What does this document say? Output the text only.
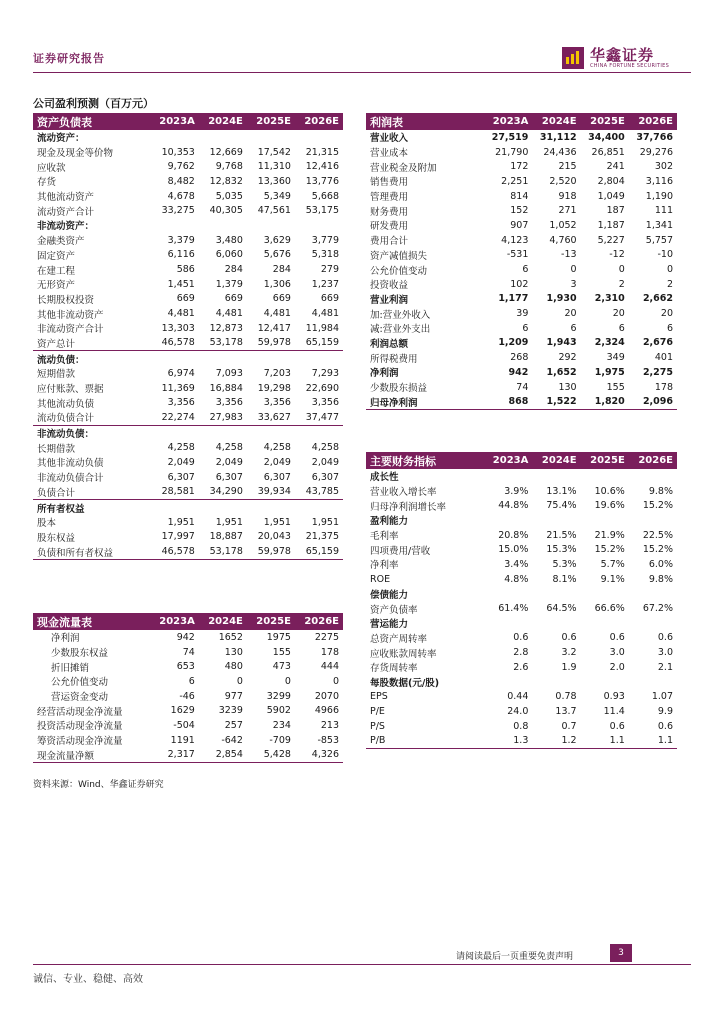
证券研究报告	华鑫证券
CHINA FORTUNE SECURITIES
公司盈利预测（百万元）
资产负债表	2023A	2024E	2025E	2026E
流动资产：				
现金及现金等价物	10,353	12,669	17,542	21,315
应收款	9,762	9,768	11,310	12,416
存货	8,482	12,832	13,360	13,776
其他流动资产	4,678	5,035	5,349	5,668
流动资产合计	33,275	40,305	47,561	53,175
非流动资产：				
金融类资产	3,379	3,480	3,629	3,779
固定资产	6,116	6,060	5,676	5,318
在建工程	586	284	284	279
无形资产	1,451	1,379	1,306	1,237
长期股权投资	669	669	669	669
其他非流动资产	4,481	4,481	4,481	4,481
非流动资产合计	13,303	12,873	12,417	11,984
资产总计	46,578	53,178	59,978	65,159
流动负债：				
短期借款	6,974	7,093	7,203	7,293
应付账款、票据	11,369	16,884	19,298	22,690
其他流动负债	3,356	3,356	3,356	3,356
流动负债合计	22,274	27,983	33,627	37,477
非流动负债：				
长期借款	4,258	4,258	4,258	4,258
其他非流动负债	2,049	2,049	2,049	2,049
非流动负债合计	6,307	6,307	6,307	6,307
负债合计	28,581	34,290	39,934	43,785
所有者权益				
股本	1,951	1,951	1,951	1,951
股东权益	17,997	18,887	20,043	21,375
负债和所有者权益	46,578	53,178	59,978	65,159
现金流量表	2023A	2024E	2025E	2026E
净利润	942	1652	1975	2275
少数股东权益	74	130	155	178
折旧摊销	653	480	473	444
公允价值变动	6	0	0	0
营运资金变动	-46	977	3299	2070
经营活动现金净流量	1629	3239	5902	4966
投资活动现金净流量	-504	257	234	213
筹资活动现金净流量	1191	-642	-709	-853
现金流量净额	2,317	2,854	5,428	4,326
利润表	2023A	2024E	2025E	2026E
营业收入	27,519	31,112	34,400	37,766
营业成本	21,790	24,436	26,851	29,276
营业税金及附加	172	215	241	302
销售费用	2,251	2,520	2,804	3,116
管理费用	814	918	1,049	1,190
财务费用	152	271	187	111
研发费用	907	1,052	1,187	1,341
费用合计	4,123	4,760	5,227	5,757
资产减值损失	-531	-13	-12	-10
公允价值变动	6	0	0	0
投资收益	102	3	2	2
营业利润	1,177	1,930	2,310	2,662
加:营业外收入	39	20	20	20
减:营业外支出	6	6	6	6
利润总额	1,209	1,943	2,324	2,676
所得税费用	268	292	349	401
净利润	942	1,652	1,975	2,275
少数股东损益	74	130	155	178
归母净利润	868	1,522	1,820	2,096
主要财务指标	2023A	2024E	2025E	2026E
成长性				
营业收入增长率	3.9%	13.1%	10.6%	9.8%
归母净利润增长率	44.8%	75.4%	19.6%	15.2%
盈利能力				
毛利率	20.8%	21.5%	21.9%	22.5%
四项费用/营收	15.0%	15.3%	15.2%	15.2%
净利率	3.4%	5.3%	5.7%	6.0%
ROE	4.8%	8.1%	9.1%	9.8%
偿债能力				
资产负债率	61.4%	64.5%	66.6%	67.2%
营运能力				
总资产周转率	0.6	0.6	0.6	0.6
应收账款周转率	2.8	3.2	3.0	3.0
存货周转率	2.6	1.9	2.0	2.1
每股数据(元/股)				
EPS	0.44	0.78	0.93	1.07
P/E	24.0	13.7	11.4	9.9
P/S	0.8	0.7	0.6	0.6
P/B	1.3	1.2	1.1	1.1
资料来源：Wind、华鑫证券研究
请阅读最后一页重要免责声明	3
诚信、专业、稳健、高效
